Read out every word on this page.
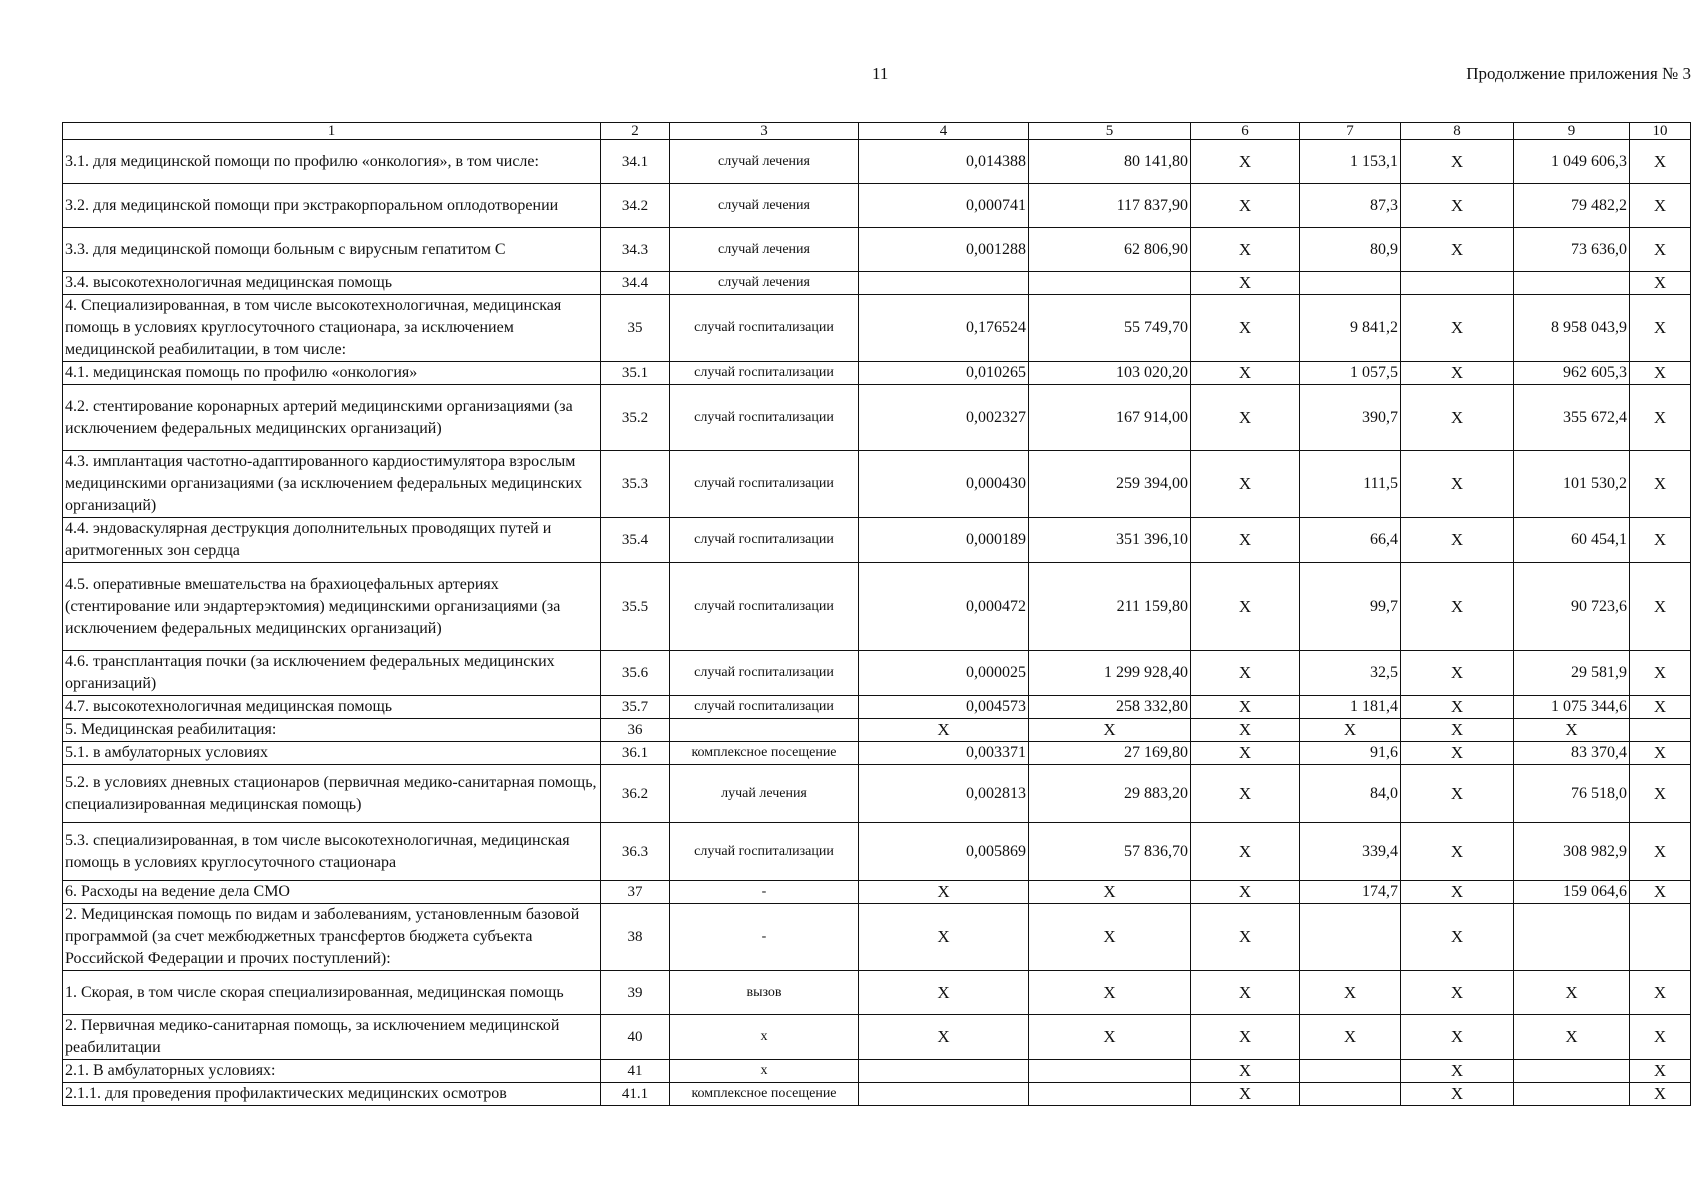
11	Продолжение приложения № 3
1	2	3	4	5	6	7	8	9	10
3.1. для медицинской помощи по профилю «онкология», в том числе:	34.1	случай лечения	0,014388	80 141,80	Х	1 153,1	Х	1 049 606,3	Х
3.2. для медицинской помощи при экстракорпоральном оплодотворении	34.2	случай лечения	0,000741	117 837,90	Х	87,3	Х	79 482,2	Х
3.3. для медицинской помощи больным с вирусным гепатитом С	34.3	случай лечения	0,001288	62 806,90	Х	80,9	Х	73 636,0	Х
3.4. высокотехнологичная медицинская помощь	34.4	случай лечения			Х				Х
4. Специализированная, в том числе высокотехнологичная, медицинская помощь в условиях круглосуточного стационара, за исключением медицинской реабилитации, в том числе:	35	случай госпитализации	0,176524	55 749,70	Х	9 841,2	Х	8 958 043,9	Х
4.1. медицинская помощь по профилю «онкология»	35.1	случай госпитализации	0,010265	103 020,20	Х	1 057,5	Х	962 605,3	Х
4.2. стентирование коронарных артерий медицинскими организациями (за исключением федеральных медицинских организаций)	35.2	случай госпитализации	0,002327	167 914,00	Х	390,7	Х	355 672,4	Х
4.3. имплантация частотно-адаптированного кардиостимулятора взрослым медицинскими организациями (за исключением федеральных медицинских организаций)	35.3	случай госпитализации	0,000430	259 394,00	Х	111,5	Х	101 530,2	Х
4.4. эндоваскулярная деструкция дополнительных проводящих путей и аритмогенных зон сердца	35.4	случай госпитализации	0,000189	351 396,10	Х	66,4	Х	60 454,1	Х
4.5. оперативные вмешательства на брахиоцефальных артериях (стентирование или эндартерэктомия) медицинскими организациями (за исключением федеральных медицинских организаций)	35.5	случай госпитализации	0,000472	211 159,80	Х	99,7	Х	90 723,6	Х
4.6. трансплантация почки (за исключением федеральных медицинских организаций)	35.6	случай госпитализации	0,000025	1 299 928,40	Х	32,5	Х	29 581,9	Х
4.7. высокотехнологичная медицинская помощь	35.7	случай госпитализации	0,004573	258 332,80	Х	1 181,4	Х	1 075 344,6	Х
5. Медицинская реабилитация:	36		Х	Х	Х	Х	Х	Х	
5.1. в амбулаторных условиях	36.1	комплексное посещение	0,003371	27 169,80	Х	91,6	Х	83 370,4	Х
5.2. в условиях дневных стационаров (первичная медико-санитарная помощь, специализированная медицинская помощь)	36.2	лучай лечения	0,002813	29 883,20	Х	84,0	Х	76 518,0	Х
5.3. специализированная, в том числе высокотехнологичная, медицинская помощь в условиях круглосуточного стационара	36.3	случай госпитализации	0,005869	57 836,70	Х	339,4	Х	308 982,9	Х
6. Расходы на ведение дела СМО	37	-	Х	Х	Х	174,7	Х	159 064,6	Х
2. Медицинская помощь по видам и заболеваниям, установленным базовой программой (за счет межбюджетных трансфертов бюджета субъекта Российской Федерации и прочих поступлений):	38	-	Х	Х	Х		Х		
1. Скорая, в том числе скорая специализированная, медицинская помощь	39	вызов	Х	Х	Х	Х	Х	Х	Х
2. Первичная медико-санитарная помощь, за исключением медицинской реабилитации	40	х	Х	Х	Х	Х	Х	Х	Х
2.1. В амбулаторных условиях:	41	х			Х		Х		Х
2.1.1. для проведения профилактических медицинских осмотров	41.1	комплексное посещение			Х		Х		Х
